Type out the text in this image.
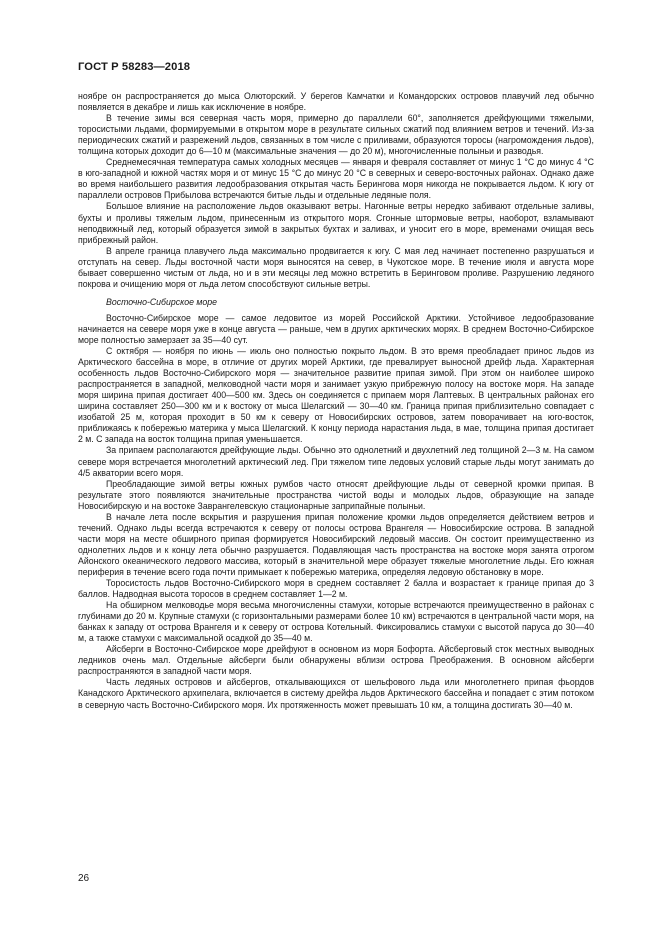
ГОСТ Р 58283—2018

ноябре он распространяется до мыса Олюторский. У берегов Камчатки и Командорских островов плавучий лед обычно появляется в декабре и лишь как исключение в ноябре.

В течение зимы вся северная часть моря, примерно до параллели 60°, заполняется дрейфующими тяжелыми, торосистыми льдами, формируемыми в открытом море в результате сильных сжатий под влиянием ветров и течений. Из-за периодических сжатий и разрежений льдов, связанных в том числе с приливами, образуются торосы (нагромождения льдов), толщина которых доходит до 6—10 м (максимальные значения — до 20 м), многочисленные полыньи и разводья.

Среднемесячная температура самых холодных месяцев — января и февраля составляет от минус 1 °С до минус 4 °С в юго-западной и южной частях моря и от минус 15 °С до минус 20 °С в северных и северо-восточных районах. Однако даже во время наибольшего развития ледообразования открытая часть Берингова моря никогда не покрывается льдом. К югу от параллели островов Прибылова встречаются битые льды и отдельные ледяные поля.

Большое влияние на расположение льдов оказывают ветры. Нагонные ветры нередко забивают отдельные заливы, бухты и проливы тяжелым льдом, принесенным из открытого моря. Сгонные штормовые ветры, наоборот, взламывают неподвижный лед, который образуется зимой в закрытых бухтах и заливах, и уносит его в море, временами очищая весь прибрежный район.

В апреле граница плавучего льда максимально продвигается к югу. С мая лед начинает постепенно разрушаться и отступать на север. Льды восточной части моря выносятся на север, в Чукотское море. В течение июля и августа море бывает совершенно чистым от льда, но и в эти месяцы лед можно встретить в Беринговом проливе. Разрушению ледяного покрова и очищению моря от льда летом способствуют сильные ветры.

Восточно-Сибирское море

Восточно-Сибирское море — самое ледовитое из морей Российской Арктики. Устойчивое ледообразование начинается на севере моря уже в конце августа — раньше, чем в других арктических морях. В среднем Восточно-Сибирское море полностью замерзает за 35—40 сут.

С октября — ноября по июнь — июль оно полностью покрыто льдом. В это время преобладает принос льдов из Арктического бассейна в море, в отличие от других морей Арктики, где превалирует выносной дрейф льда. Характерная особенность льдов Восточно-Сибирского моря — значительное развитие припая зимой. При этом он наиболее широко распространяется в западной, мелководной части моря и занимает узкую прибрежную полосу на востоке моря. На западе моря ширина припая достигает 400—500 км. Здесь он соединяется с припаем моря Лаптевых. В центральных районах его ширина составляет 250—300 км и к востоку от мыса Шелагский — 30—40 км. Граница припая приблизительно совпадает с изобатой 25 м, которая проходит в 50 км к северу от Новосибирских островов, затем поворачивает на юго-восток, приближаясь к побережью материка у мыса Шелагский. К концу периода нарастания льда, в мае, толщина припая достигает 2 м. С запада на восток толщина припая уменьшается.

За припаем располагаются дрейфующие льды. Обычно это однолетний и двухлетний лед толщиной 2—3 м. На самом севере моря встречается многолетний арктический лед. При тяжелом типе ледовых условий старые льды могут занимать до 4/5 акватории всего моря.

Преобладающие зимой ветры южных румбов часто относят дрейфующие льды от северной кромки припая. В результате этого появляются значительные пространства чистой воды и молодых льдов, образующие на западе Новосибирскую и на востоке Заврангелевскую стационарные заприпайные полыньи.

В начале лета после вскрытия и разрушения припая положение кромки льдов определяется действием ветров и течений. Однако льды всегда встречаются к северу от полосы острова Врангеля — Новосибирские острова. В западной части моря на месте обширного припая формируется Новосибирский ледовый массив. Он состоит преимущественно из однолетних льдов и к концу лета обычно разрушается. Подавляющая часть пространства на востоке моря занята отрогом Айонского океанического ледового массива, который в значительной мере образует тяжелые многолетние льды. Его южная периферия в течение всего года почти примыкает к побережью материка, определяя ледовую обстановку в море.

Торосистость льдов Восточно-Сибирского моря в среднем составляет 2 балла и возрастает к границе припая до 3 баллов. Надводная высота торосов в среднем составляет 1—2 м.

На обширном мелководье моря весьма многочисленны стамухи, которые встречаются преимущественно в районах с глубинами до 20 м. Крупные стамухи (с горизонтальными размерами более 10 км) встречаются в центральной части моря, на банках к западу от острова Врангеля и к северу от острова Котельный. Фиксировались стамухи с высотой паруса до 30—40 м, а также стамухи с максимальной осадкой до 35—40 м.

Айсберги в Восточно-Сибирское море дрейфуют в основном из моря Бофорта. Айсберговый сток местных выводных ледников очень мал. Отдельные айсберги были обнаружены вблизи острова Преображения. В основном айсберги распространяются в западной части моря.

Часть ледяных островов и айсбергов, откалывающихся от шельфового льда или многолетнего припая фьордов Канадского Арктического архипелага, включается в систему дрейфа льдов Арктического бассейна и попадает с этим потоком в северную часть Восточно-Сибирского моря. Их протяженность может превышать 10 км, а толщина достигать 30—40 м.

26
